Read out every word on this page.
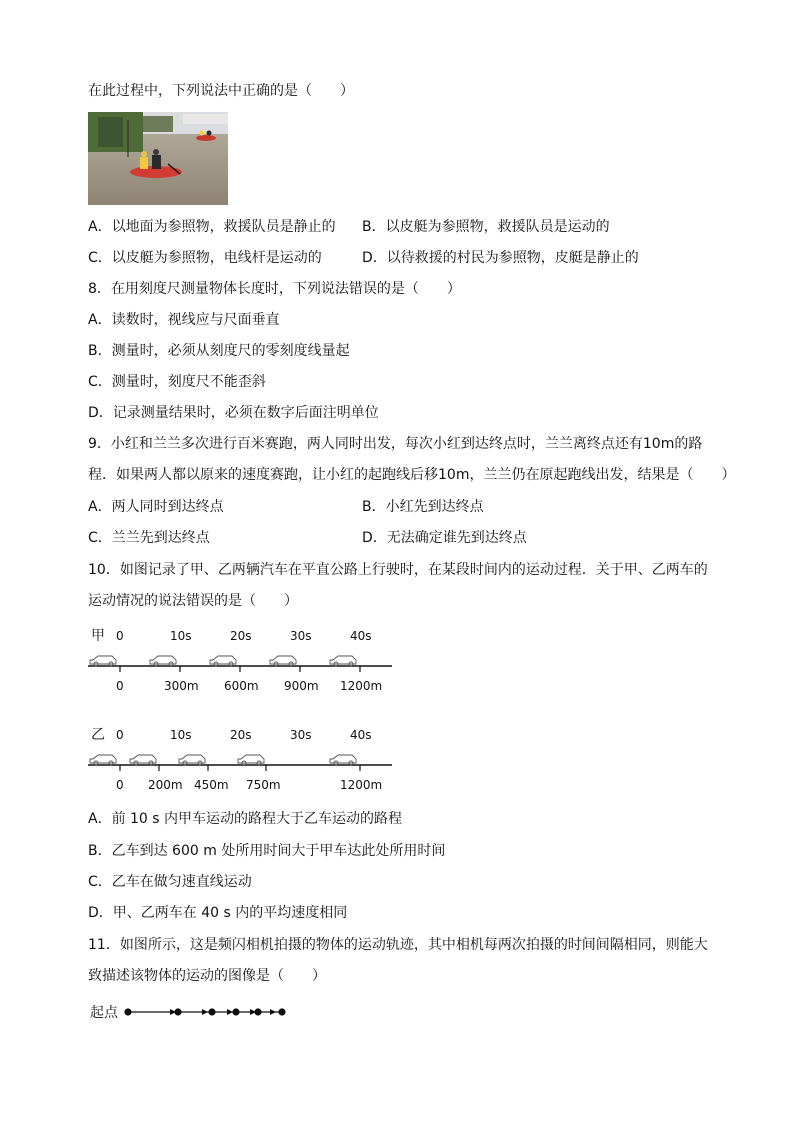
在此过程中，下列说法中正确的是（　　）
A．以地面为参照物，救援队员是静止的 B．以皮艇为参照物，救援队员是运动的
C．以皮艇为参照物，电线杆是运动的	D．以待救援的村民为参照物，皮艇是静止的
8．在用刻度尺测量物体长度时，下列说法错误的是（　　）
A．读数时，视线应与尺面垂直
B．测量时，必须从刻度尺的零刻度线量起
C．测量时，刻度尺不能歪斜
D．记录测量结果时，必须在数字后面注明单位
9．小红和兰兰多次进行百米赛跑，两人同时出发，每次小红到达终点时，兰兰离终点还有10m的路
程．如果两人都以原来的速度赛跑，让小红的起跑线后移10m，兰兰仍在原起跑线出发，结果是（　　）
A．两人同时到达终点	B．小红先到达终点
C．兰兰先到达终点	D．无法确定谁先到达终点
10．如图记录了甲、乙两辆汽车在平直公路上行驶时，在某段时间内的运动过程．关于甲、乙两车的
运动情况的说法错误的是（　　）
甲 0	10s	20s	30s	40s
0	300m 600m 900m 1200m
乙 0	10s	20s	30s	40s
0 200m 450m 750m	1200m
A．前 10 s 内甲车运动的路程大于乙车运动的路程
B．乙车到达 600 m 处所用时间大于甲车达此处所用时间
C．乙车在做匀速直线运动
D．甲、乙两车在 40 s 内的平均速度相同
11．如图所示，这是频闪相机拍摄的物体的运动轨迹，其中相机每两次拍摄的时间间隔相同，则能大
致描述该物体的运动的图像是（　　）
起点
